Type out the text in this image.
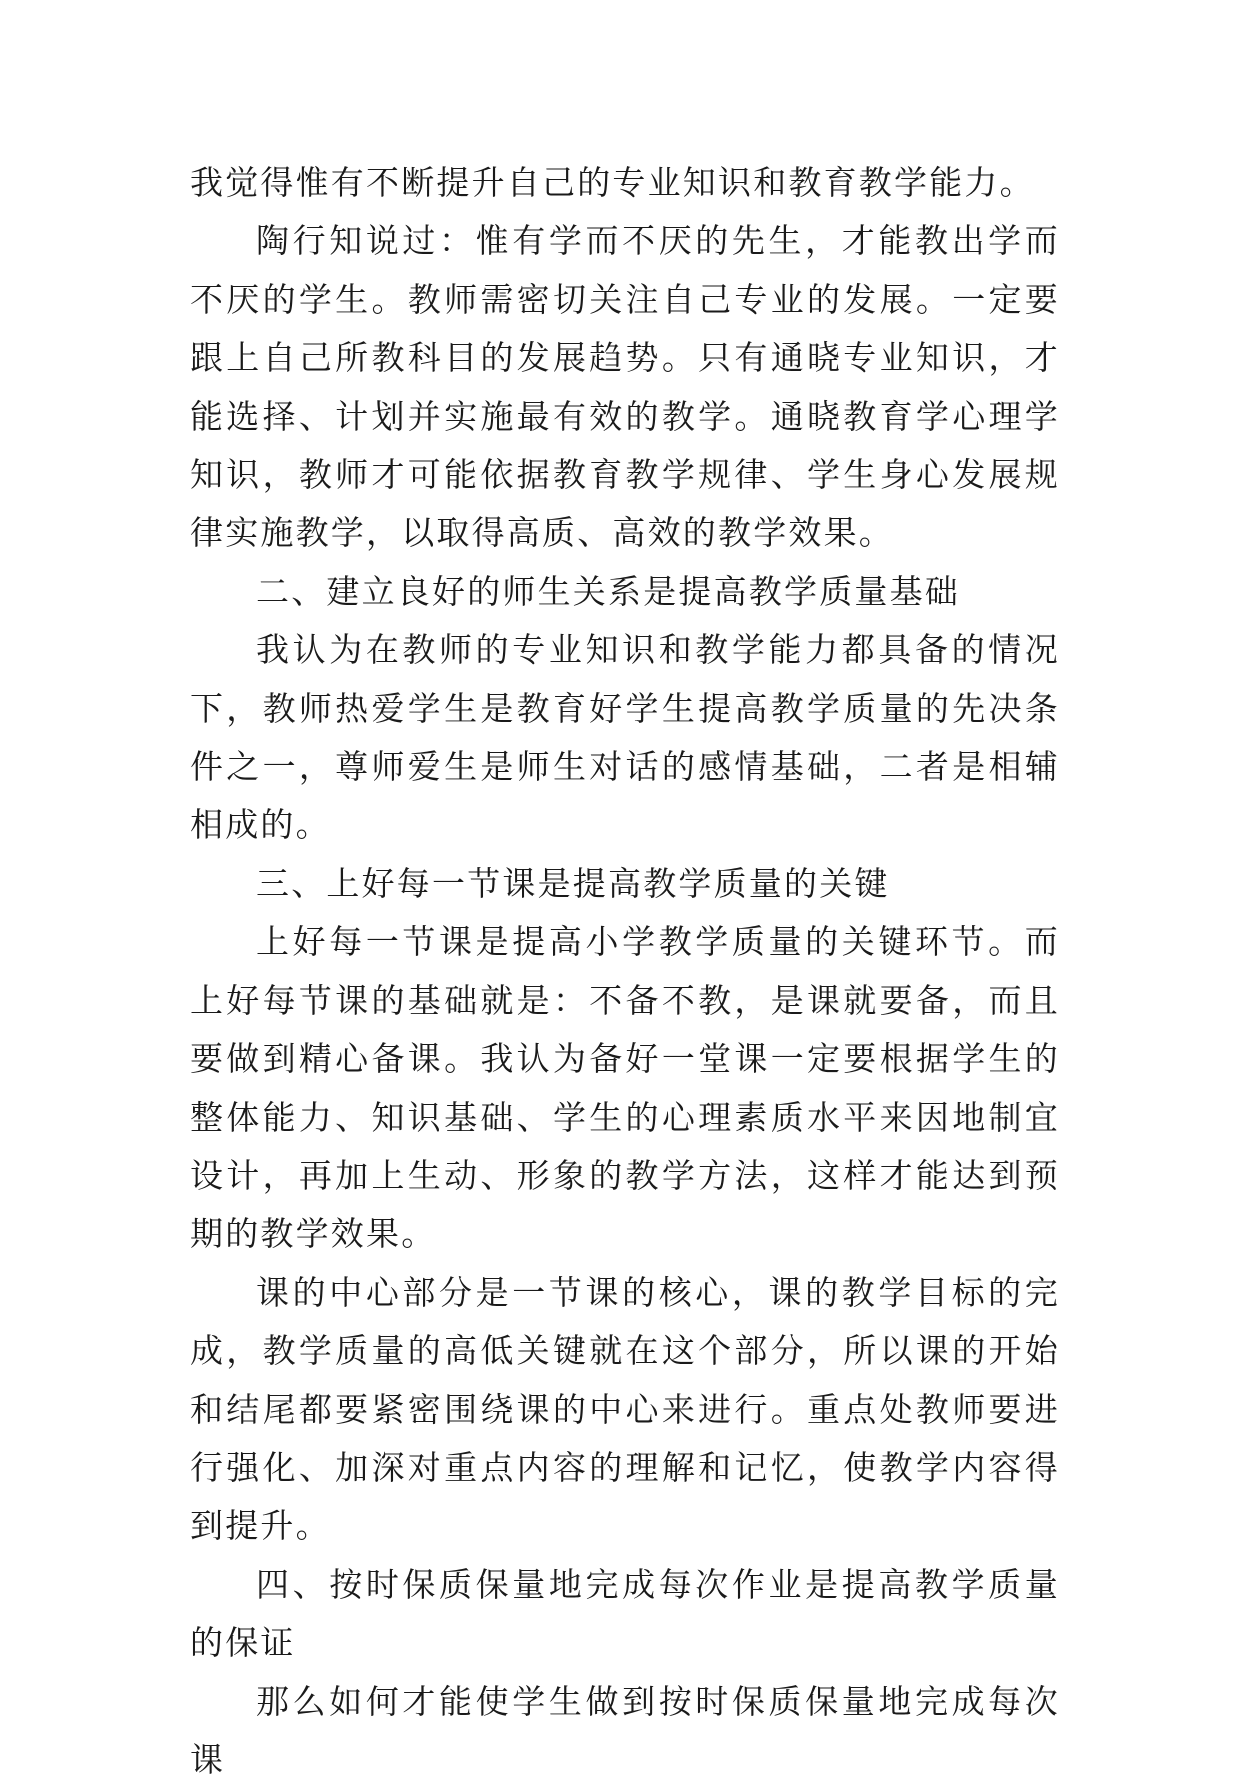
我觉得惟有不断提升自己的专业知识和教育教学能力。

陶行知说过：惟有学而不厌的先生，才能教出学而不厌的学生。教师需密切关注自己专业的发展。一定要跟上自己所教科目的发展趋势。只有通晓专业知识，才能选择、计划并实施最有效的教学。通晓教育学心理学知识，教师才可能依据教育教学规律、学生身心发展规律实施教学，以取得高质、高效的教学效果。

二、建立良好的师生关系是提高教学质量基础

我认为在教师的专业知识和教学能力都具备的情况下，教师热爱学生是教育好学生提高教学质量的先决条件之一，尊师爱生是师生对话的感情基础，二者是相辅相成的。

三、上好每一节课是提高教学质量的关键

上好每一节课是提高小学教学质量的关键环节。而上好每节课的基础就是：不备不教，是课就要备，而且要做到精心备课。我认为备好一堂课一定要根据学生的整体能力、知识基础、学生的心理素质水平来因地制宜设计，再加上生动、形象的教学方法，这样才能达到预期的教学效果。

课的中心部分是一节课的核心，课的教学目标的完成，教学质量的高低关键就在这个部分，所以课的开始和结尾都要紧密围绕课的中心来进行。重点处教师要进行强化、加深对重点内容的理解和记忆，使教学内容得到提升。

四、按时保质保量地完成每次作业是提高教学质量的保证

那么如何才能使学生做到按时保质保量地完成每次课
